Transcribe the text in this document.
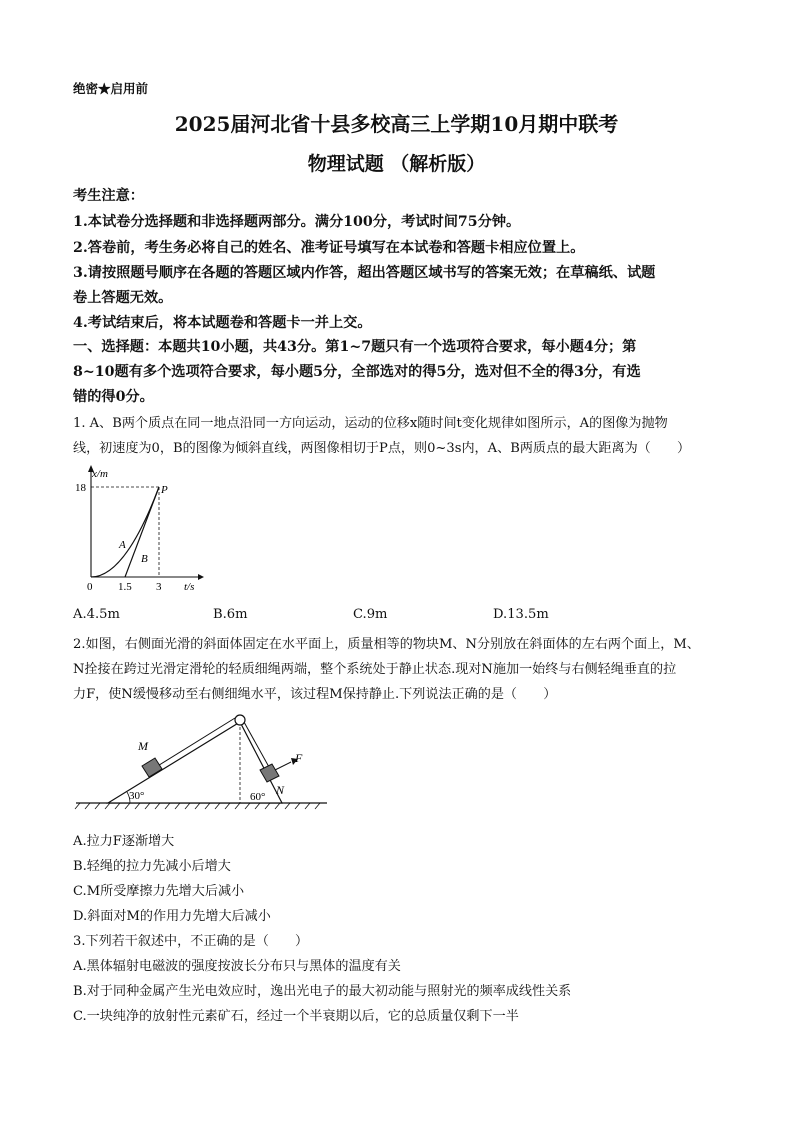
绝密★启用前
2025届河北省十县多校高三上学期10月期中联考
物理试题 （解析版）
考生注意：
1.本试卷分选择题和非选择题两部分。满分100分，考试时间75分钟。
2.答卷前，考生务必将自己的姓名、准考证号填写在本试卷和答题卡相应位置上。
3.请按照题号顺序在各题的答题区域内作答，超出答题区域书写的答案无效；在草稿纸、试题
卷上答题无效。
4.考试结束后，将本试题卷和答题卡一并上交。
一、选择题：本题共10小题，共43分。第1~7题只有一个选项符合要求，每小题4分；第
8~10题有多个选项符合要求，每小题5分，全部选对的得5分，选对但不全的得3分，有选
错的得0分。
1. A、B两个质点在同一地点沿同一方向运动，运动的位移x随时间t变化规律如图所示，A的图像为抛物
线，初速度为0，B的图像为倾斜直线，两图像相切于P点，则0~3s内，A、B两质点的最大距离为（　　）
x/m
t/s
18
0 1.5 3
A
B
P
A.4.5m	B.6m	C.9m	D.13.5m
2.如图，右侧面光滑的斜面体固定在水平面上，质量相等的物块M、N分别放在斜面体的左右两个面上，M、
N拴接在跨过光滑定滑轮的轻质细绳两端，整个系统处于静止状态.现对N施加一始终与右侧轻绳垂直的拉
力F，使N缓慢移动至右侧细绳水平，该过程M保持静止.下列说法正确的是（　　）
M
N
F
30°	60°
A.拉力F逐渐增大
B.轻绳的拉力先减小后增大
C.M所受摩擦力先增大后减小
D.斜面对M的作用力先增大后减小
3.下列若干叙述中，不正确的是（　　）
A.黑体辐射电磁波的强度按波长分布只与黑体的温度有关
B.对于同种金属产生光电效应时，逸出光电子的最大初动能与照射光的频率成线性关系
C.一块纯净的放射性元素矿石，经过一个半衰期以后，它的总质量仅剩下一半
